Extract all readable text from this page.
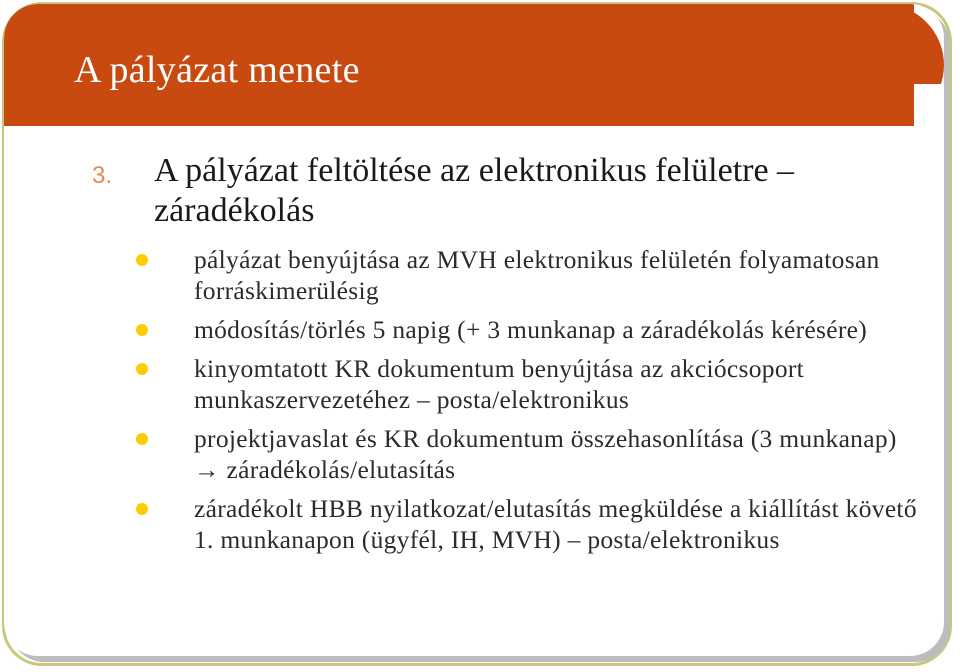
A pályázat menete
3. A pályázat feltöltése az elektronikus felületre – záradékolás
pályázat benyújtása az MVH elektronikus felületén folyamatosan forráskimerülésig
módosítás/törlés 5 napig (+ 3 munkanap a záradékolás kérésére)
kinyomtatott KR dokumentum benyújtása az akciócsoport munkaszervezetéhez – posta/elektronikus
projektjavaslat és KR dokumentum összehasonlítása (3 munkanap) → záradékolás/elutasítás
záradékolt HBB nyilatkozat/elutasítás megküldése a kiállítást követő 1. munkanapon (ügyfél, IH, MVH) – posta/elektronikus
